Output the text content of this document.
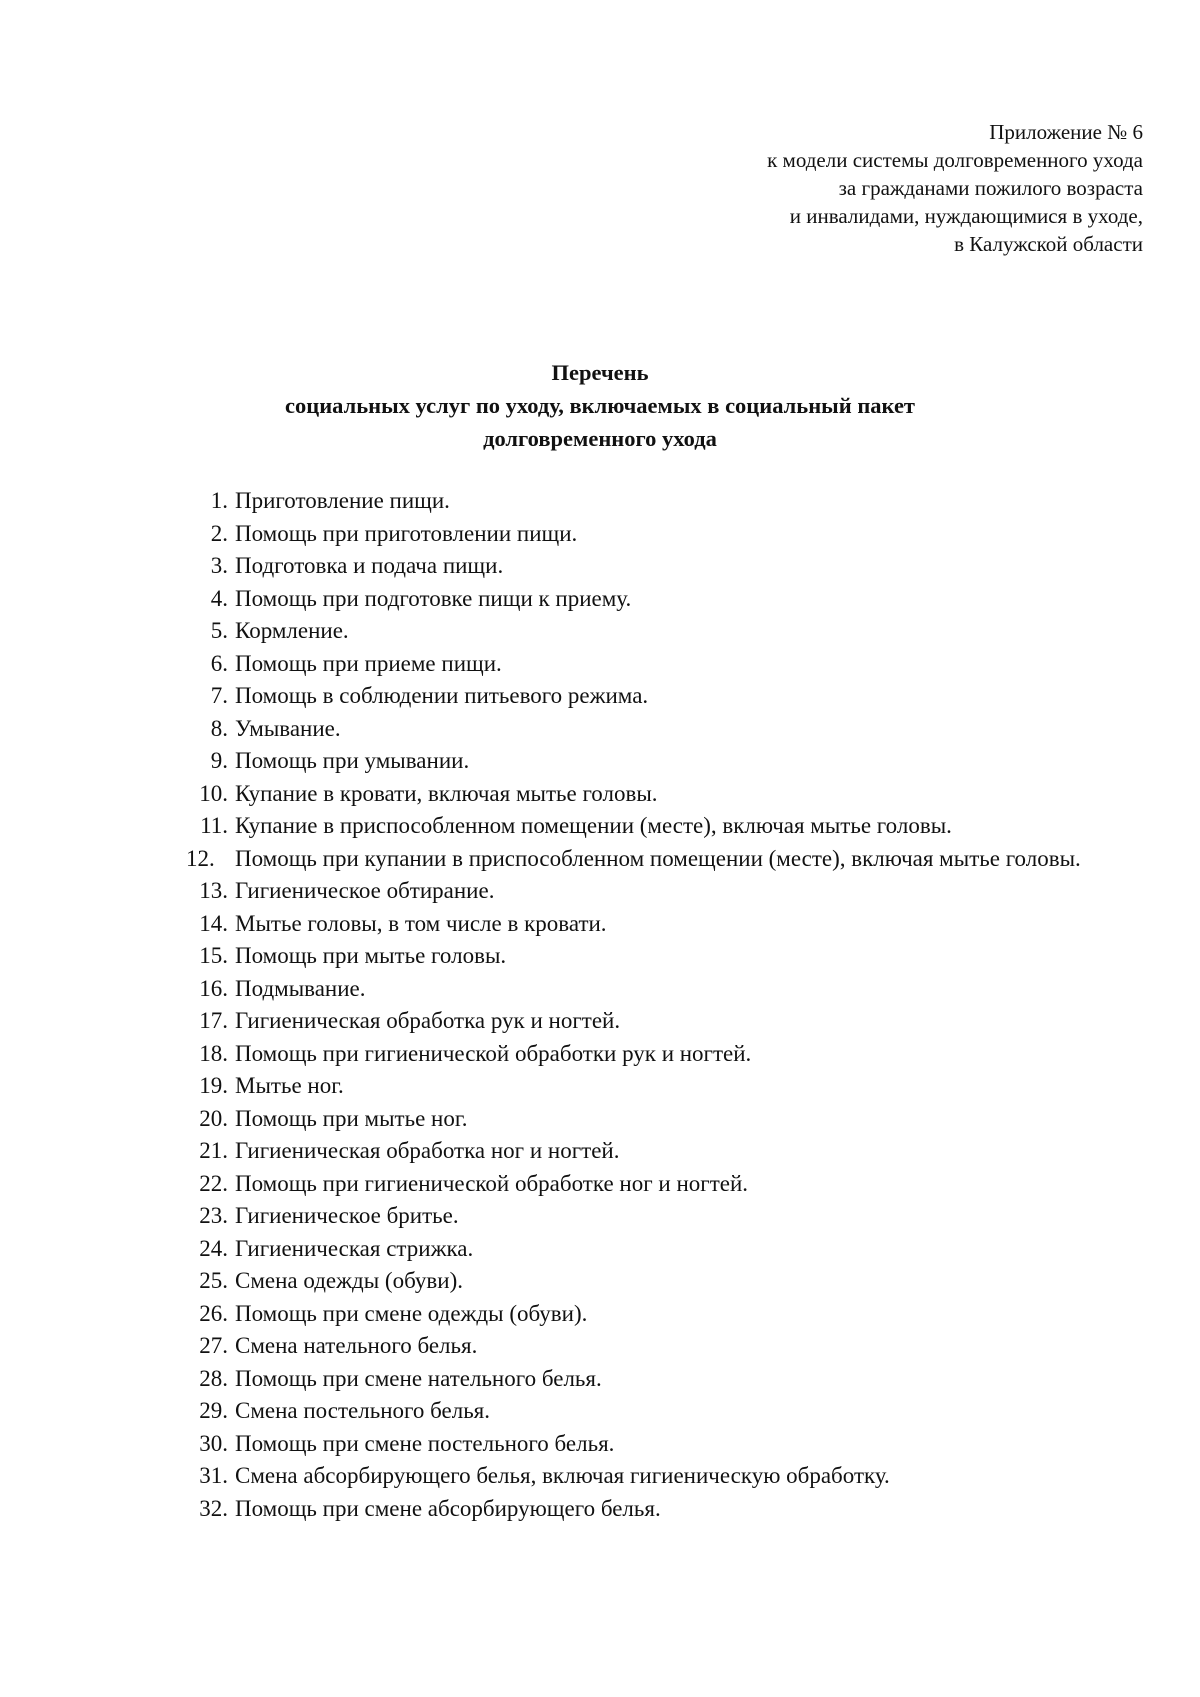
Приложение № 6
к модели системы долговременного ухода
за гражданами пожилого возраста
и инвалидами, нуждающимися в уходе,
в Калужской области
Перечень
социальных услуг по уходу, включаемых в социальный пакет
долговременного ухода
1. Приготовление пищи.
2. Помощь при приготовлении пищи.
3. Подготовка и подача пищи.
4. Помощь при подготовке пищи к приему.
5. Кормление.
6. Помощь при приеме пищи.
7. Помощь в соблюдении питьевого режима.
8. Умывание.
9. Помощь при умывании.
10. Купание в кровати, включая мытье головы.
11. Купание в приспособленном помещении (месте), включая мытье головы.
12. Помощь при купании в приспособленном помещении (месте), включая мытье головы.
13. Гигиеническое обтирание.
14. Мытье головы, в том числе в кровати.
15. Помощь при мытье головы.
16. Подмывание.
17. Гигиеническая обработка рук и ногтей.
18. Помощь при гигиенической обработки рук и ногтей.
19. Мытье ног.
20. Помощь при мытье ног.
21. Гигиеническая обработка ног и ногтей.
22. Помощь при гигиенической обработке ног и ногтей.
23. Гигиеническое бритье.
24. Гигиеническая стрижка.
25. Смена одежды (обуви).
26. Помощь при смене одежды (обуви).
27. Смена нательного белья.
28. Помощь при смене нательного белья.
29. Смена постельного белья.
30. Помощь при смене постельного белья.
31. Смена абсорбирующего белья, включая гигиеническую обработку.
32. Помощь при смене абсорбирующего белья.
